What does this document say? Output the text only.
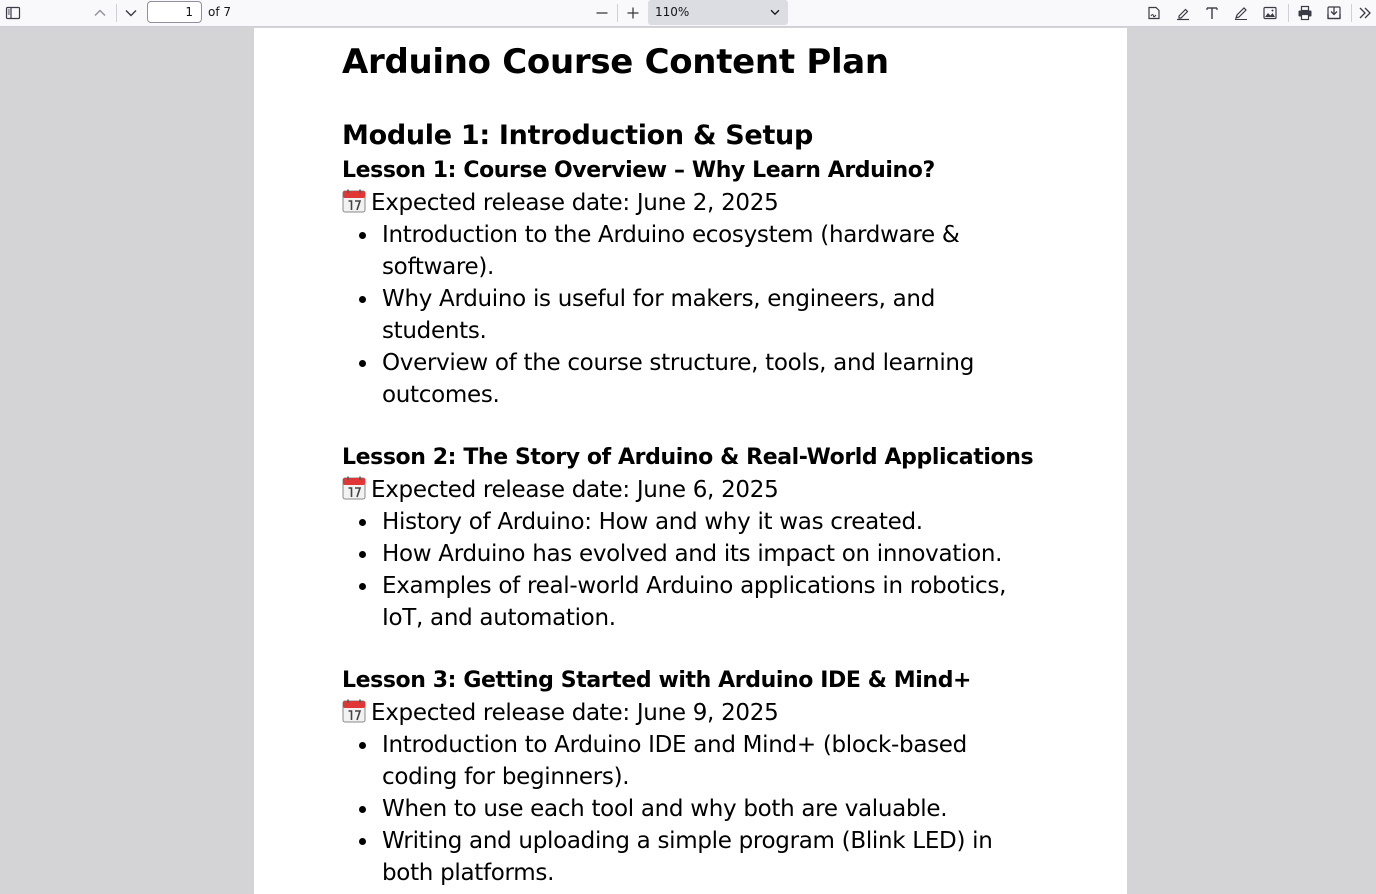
1	of 7	110%
Arduino Course Content Plan
Module 1: Introduction & Setup
Lesson 1: Course Overview – Why Learn Arduino?
Expected release date: June 2, 2025
Introduction to the Arduino ecosystem (hardware & software).
Why Arduino is useful for makers, engineers, and students.
Overview of the course structure, tools, and learning outcomes.
Lesson 2: The Story of Arduino & Real-World Applications
Expected release date: June 6, 2025
History of Arduino: How and why it was created.
How Arduino has evolved and its impact on innovation.
Examples of real-world Arduino applications in robotics, IoT, and automation.
Lesson 3: Getting Started with Arduino IDE & Mind+
Expected release date: June 9, 2025
Introduction to Arduino IDE and Mind+ (block-based coding for beginners).
When to use each tool and why both are valuable.
Writing and uploading a simple program (Blink LED) in both platforms.
